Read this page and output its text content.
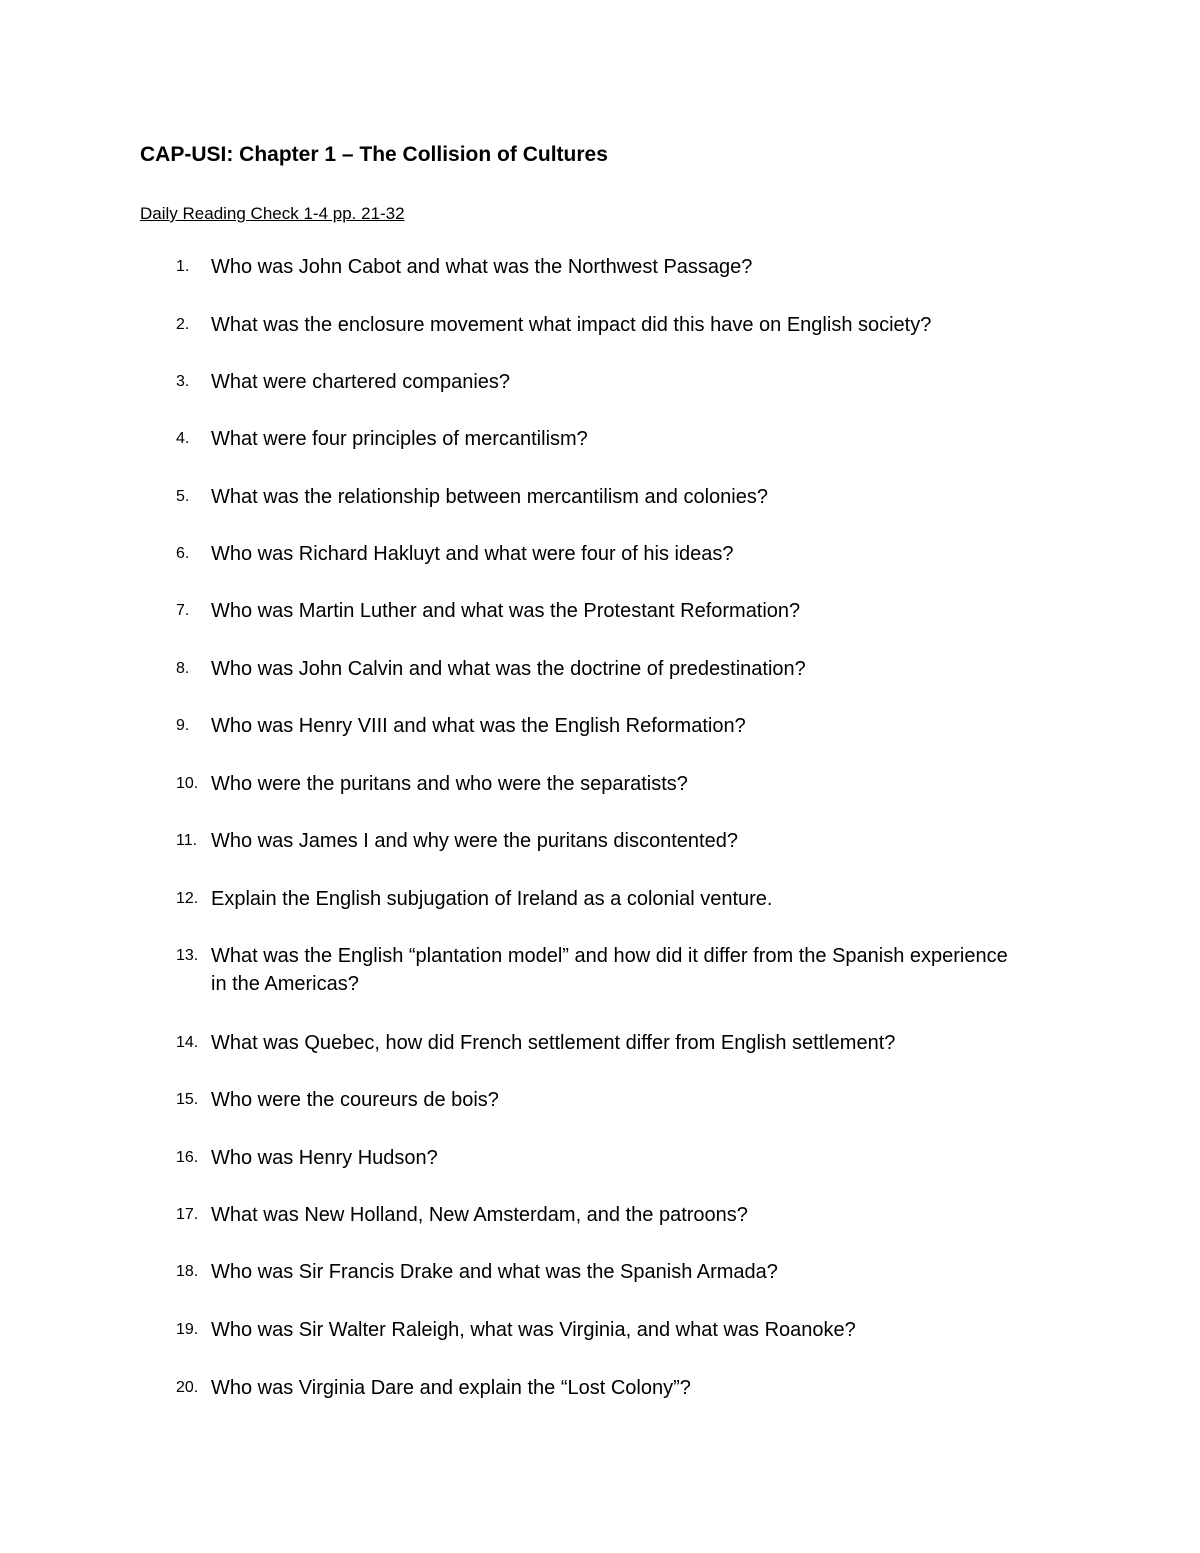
CAP-USI: Chapter 1 – The Collision of Cultures

Daily Reading Check 1-4 pp. 21-32

1. Who was John Cabot and what was the Northwest Passage?
2. What was the enclosure movement what impact did this have on English society?
3. What were chartered companies?
4. What were four principles of mercantilism?
5. What was the relationship between mercantilism and colonies?
6. Who was Richard Hakluyt and what were four of his ideas?
7. Who was Martin Luther and what was the Protestant Reformation?
8. Who was John Calvin and what was the doctrine of predestination?
9. Who was Henry VIII and what was the English Reformation?
10. Who were the puritans and who were the separatists?
11. Who was James I and why were the puritans discontented?
12. Explain the English subjugation of Ireland as a colonial venture.
13. What was the English “plantation model” and how did it differ from the Spanish experience in the Americas?
14. What was Quebec, how did French settlement differ from English settlement?
15. Who were the coureurs de bois?
16. Who was Henry Hudson?
17. What was New Holland, New Amsterdam, and the patroons?
18. Who was Sir Francis Drake and what was the Spanish Armada?
19. Who was Sir Walter Raleigh, what was Virginia, and what was Roanoke?
20. Who was Virginia Dare and explain the “Lost Colony”?
